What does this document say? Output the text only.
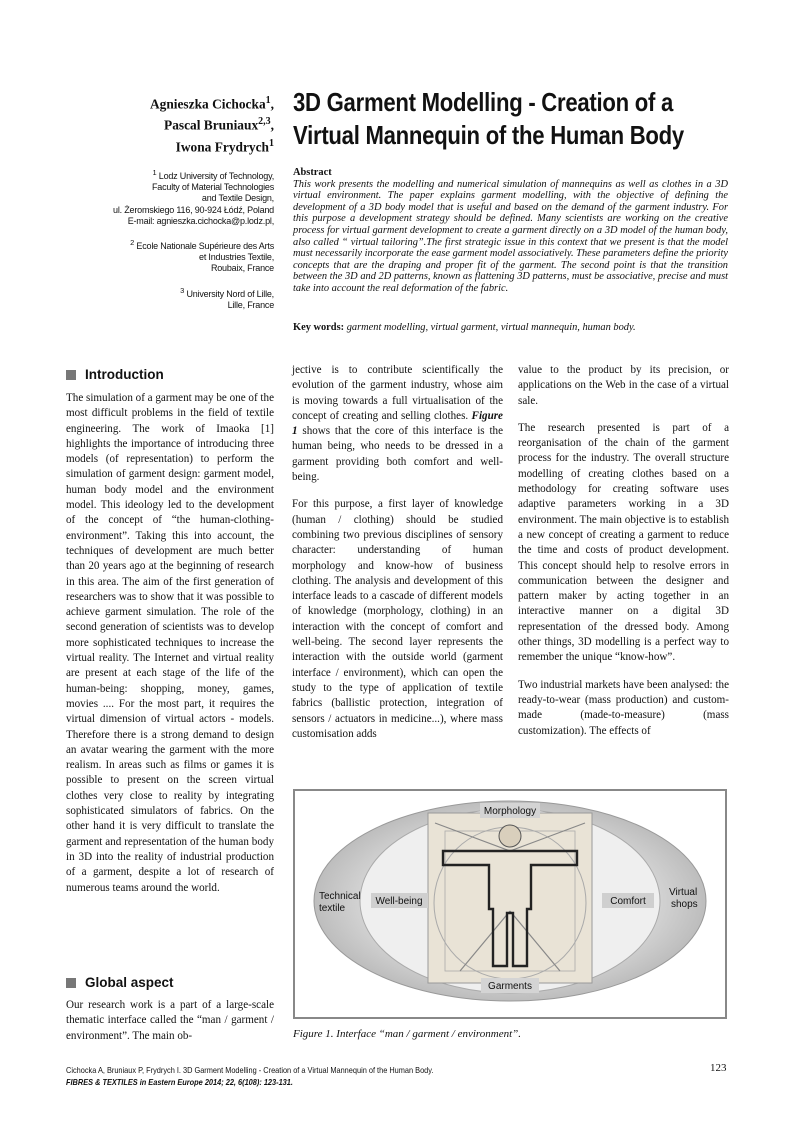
Agnieszka Cichocka$^1$,
Pascal Bruniaux$^{2,3}$,
Iwona Frydrych$^1$
3D Garment Modelling - Creation of a Virtual Mannequin of the Human Body

$^1$ Lodz University of Technology,
Faculty of Material Technologies
and Textile Design,
ul. Żeromskiego 116, 90-924 Łódź, Poland
E-mail: agnieszka.cichocka@p.lodz.pl,

$^2$ Ecole Nationale Supérieure des Arts
et Industries Textile,
Roubaix, France

$^3$ University Nord of Lille,
Lille, France

Abstract
This work presents the modelling and numerical simulation of mannequins as well as clothes in a 3D virtual environment. The paper explains garment modelling, with the objective of defining the development of a 3D body model that is useful and based on the demand of the garment industry. For this purpose a development strategy should be defined. Many scientists are working on the creative process for virtual garment development to create a garment directly on a 3D model of the human body, also called “ virtual tailoring”.The first strategic issue in this context that we present is that the model must necessarily incorporate the ease garment model associatively. These parameters define the priority concepts that are the draping and proper fit of the garment. The second point is that the transition between the 3D and 2D patterns, known as flattening 3D patterns, must be associative, precise and must take into account the real deformation of the fabric.
Key words: garment modelling, virtual garment, virtual mannequin, human body.
Introduction

The simulation of a garment may be one of the most difficult problems in the field of textile engineering. The work of Imaoka [1] highlights the importance of introducing three models (of representation) to perform the simulation of garment design: garment model, human body model and the environment model. This ideology led to the development of the concept of “the human-clothing-environment”. Taking this into account, the techniques of development are much better than 20 years ago at the beginning of research in this area. The aim of the first generation of researchers was to show that it was possible to achieve garment simulation. The role of the second generation of scientists was to develop more sophisticated techniques to increase the virtual reality. The Internet and virtual reality are present at each stage of the life of the human-being: shopping, money, games, movies .... For the most part, it requires the virtual dimension of virtual actors - models. Therefore there is a strong demand to design an avatar wearing the garment with the more realism. In areas such as films or games it is possible to present on the screen virtual clothes very close to reality by integrating sophisticated simulators of fabrics. On the other hand it is very difficult to translate the garment and representation of the human body in 3D into the reality of industrial production of a garment, despite a lot of research of numerous teams around the world.

Global aspect

Our research work is a part of a large-scale thematic interface called the “man / garment / environment”. The main ob-

jective is to contribute scientifically the evolution of the garment industry, whose aim is moving towards a full virtualisation of the concept of creating and selling clothes. Figure 1 shows that the core of this interface is the human being, who needs to be dressed in a garment providing both comfort and well-being.

For this purpose, a first layer of knowledge (human / clothing) should be studied combining two previous disciplines of sensory character: understanding of human morphology and know-how of business clothing. The analysis and development of this interface leads to a cascade of different models of knowledge (morphology, clothing) in an interaction with the concept of comfort and well-being. The second layer represents the interaction with the outside world (garment interface / environment), which can open the study to the type of application of textile fabrics (ballistic protection, integration of sensors / actuators in medicine...), where mass customisation adds

value to the product by its precision, or applications on the Web in the case of a virtual sale.

The research presented is part of a reorganisation of the chain of the garment process for the industry. The overall structure modelling of creating clothes based on a methodology for creating software uses adaptive parameters working in a 3D environment. The main objective is to establish a new concept of creating a garment to reduce the time and costs of product development. This concept should help to resolve errors in communication between the designer and pattern maker by acting together in an interactive manner on a digital 3D representation of the dressed body. Among other things, 3D modelling is a perfect way to remember the unique “know-how”.

Two industrial markets have been analysed: the ready-to-wear (mass production) and custom-made (made-to-measure) (mass customization). The effects of

Morphology
Garments
Well-being	Comfort
Technical
textile
Virtual
shops
Figure 1. Interface “man / garment / environment”.
Cichocka A, Bruniaux P, Frydrych I. 3D Garment Modelling - Creation of a Virtual Mannequin of the Human Body.
FIBRES & TEXTILES in Eastern Europe 2014; 22, 6(108): 123-131.
123
